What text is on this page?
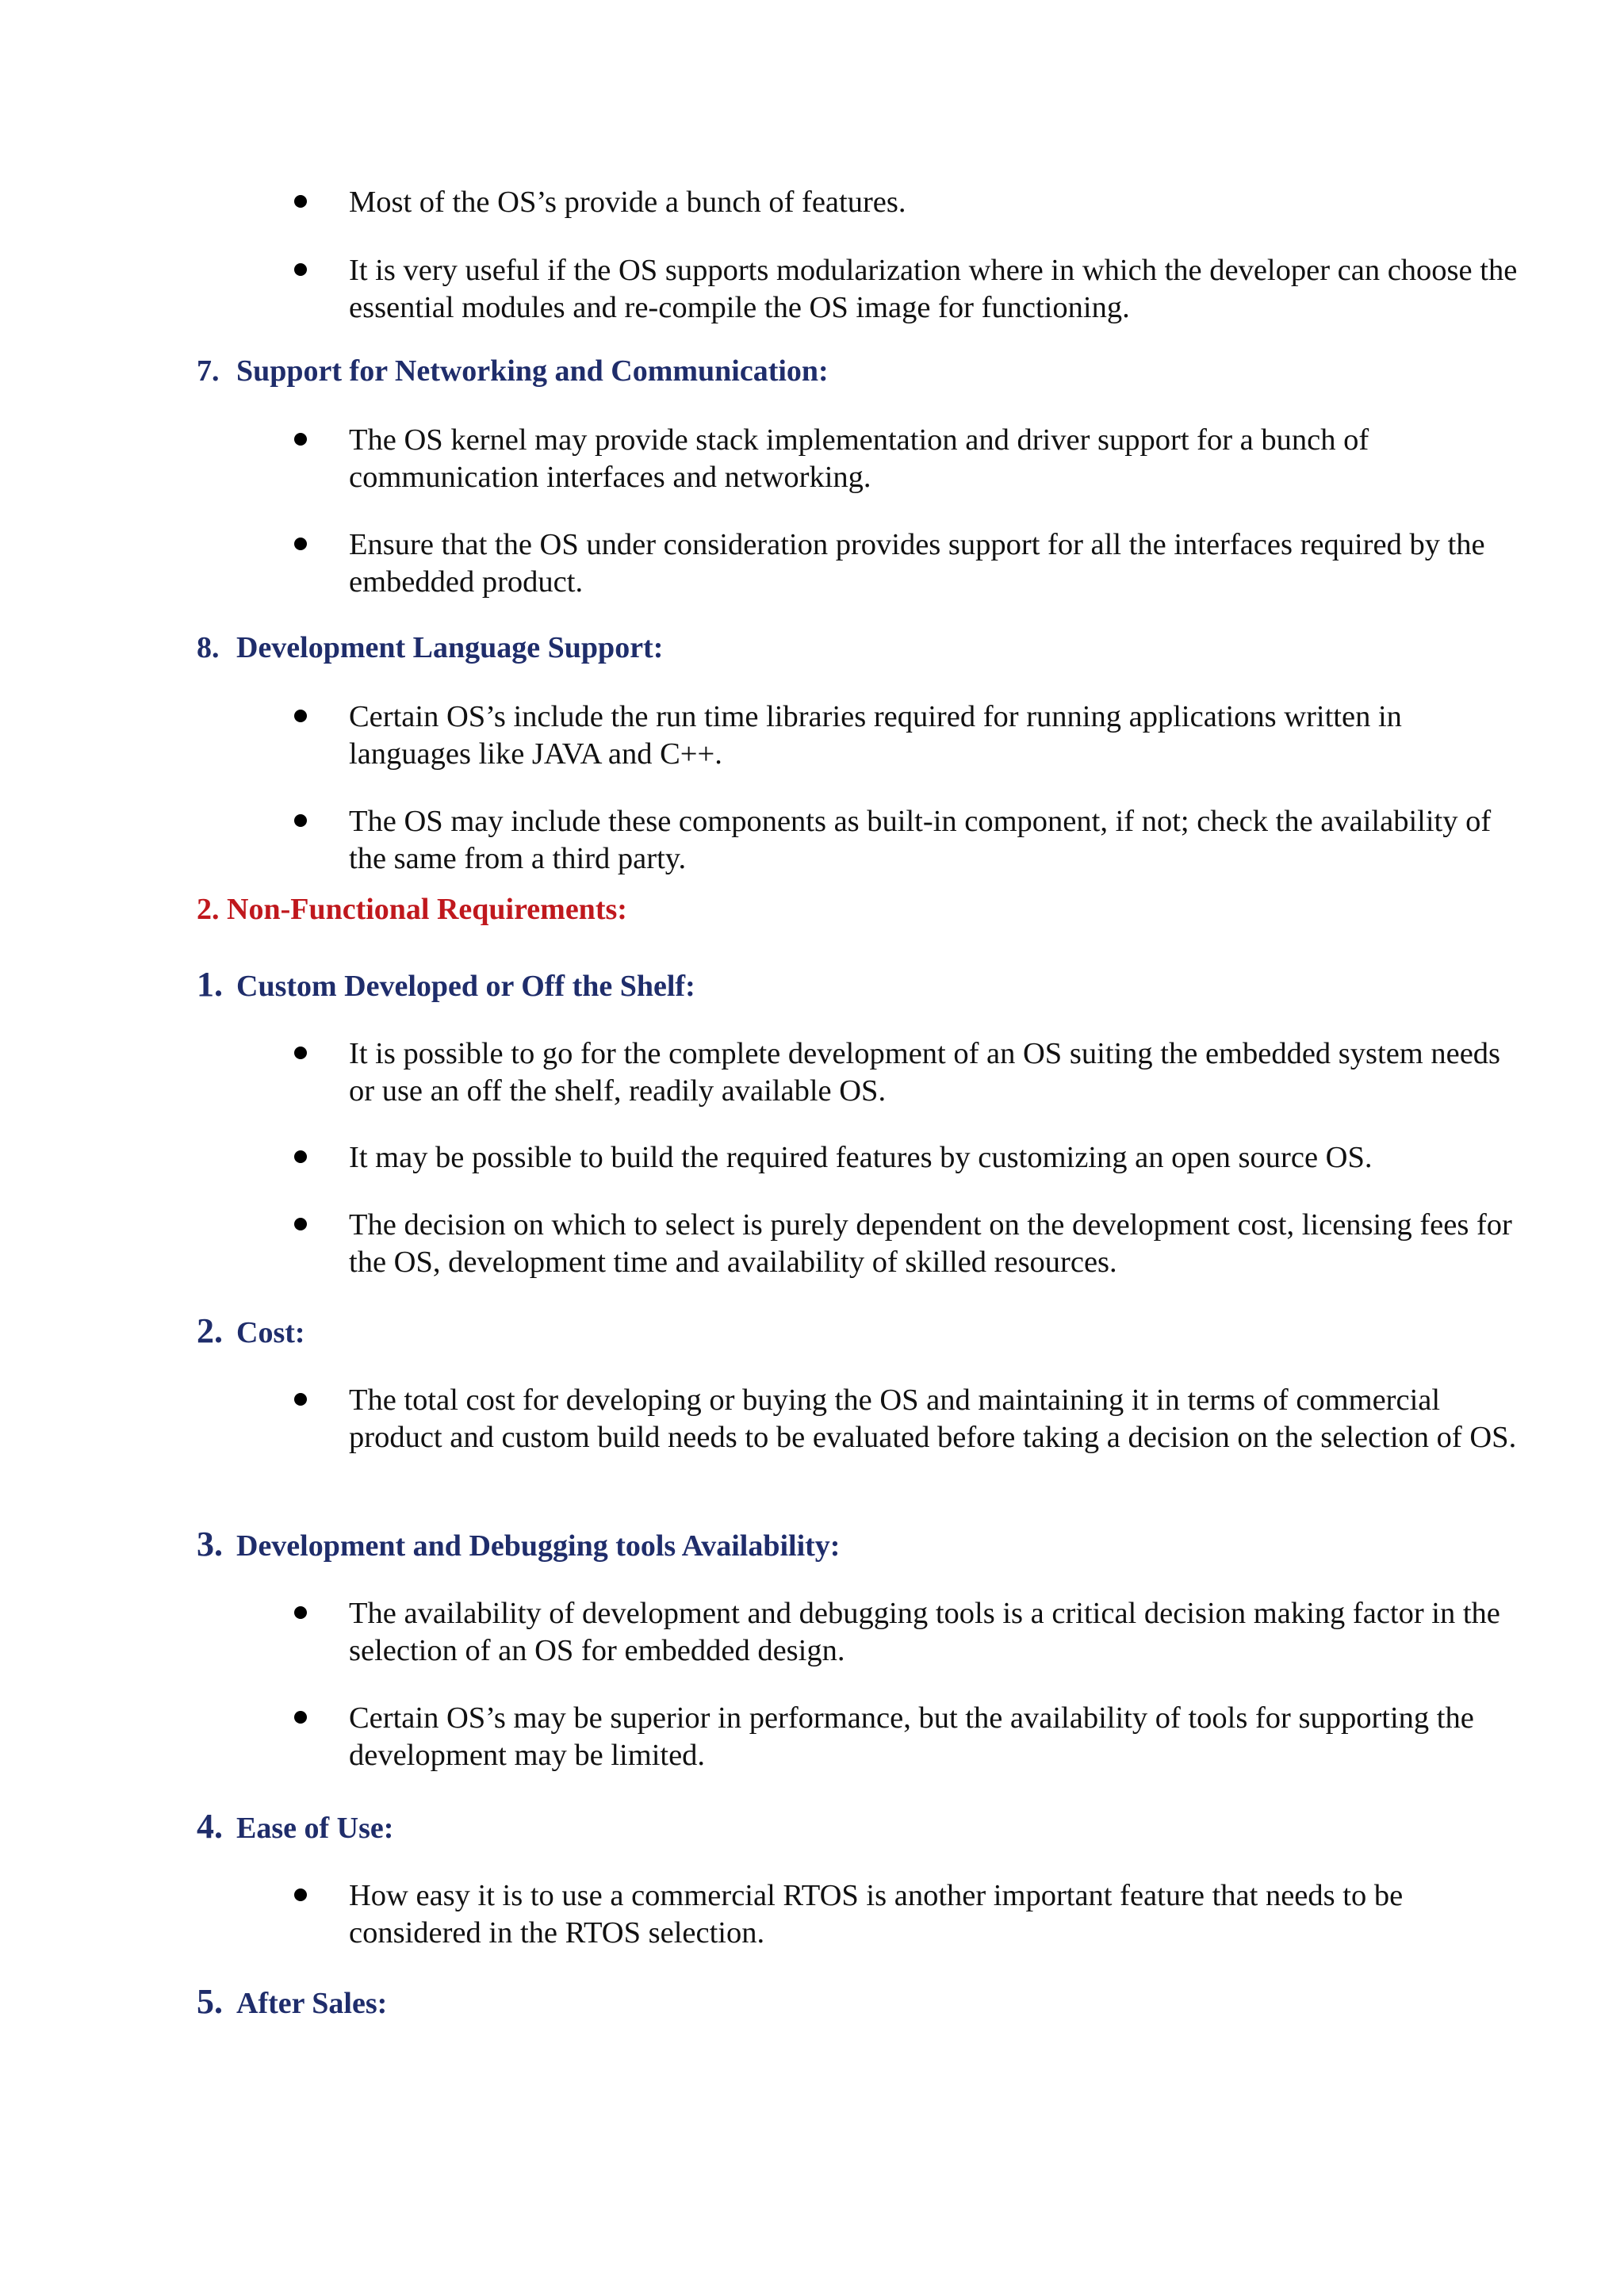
Most of the OS’s provide a bunch of features.
It is very useful if the OS supports modularization where in which the developer can choose the essential modules and re-compile the OS image for functioning.
7. Support for Networking and Communication:
The OS kernel may provide stack implementation and driver support for a bunch of communication interfaces and networking.
Ensure that the OS under consideration provides support for all the interfaces required by the embedded product.
8. Development Language Support:
Certain OS’s include the run time libraries required for running applications written in languages like JAVA and C++.
The OS may include these components as built-in component, if not; check the availability of the same from a third party.
2. Non-Functional Requirements:
1. Custom Developed or Off the Shelf:
It is possible to go for the complete development of an OS suiting the embedded system needs or use an off the shelf, readily available OS.
It may be possible to build the required features by customizing an open source OS.
The decision on which to select is purely dependent on the development cost, licensing fees for the OS, development time and availability of skilled resources.
2. Cost:
The total cost for developing or buying the OS and maintaining it in terms of commercial product and custom build needs to be evaluated before taking a decision on the selection of OS.
3. Development and Debugging tools Availability:
The availability of development and debugging tools is a critical decision making factor in the selection of an OS for embedded design.
Certain OS’s may be superior in performance, but the availability of tools for supporting the development may be limited.
4. Ease of Use:
How easy it is to use a commercial RTOS is another important feature that needs to be considered in the RTOS selection.
5. After Sales:
